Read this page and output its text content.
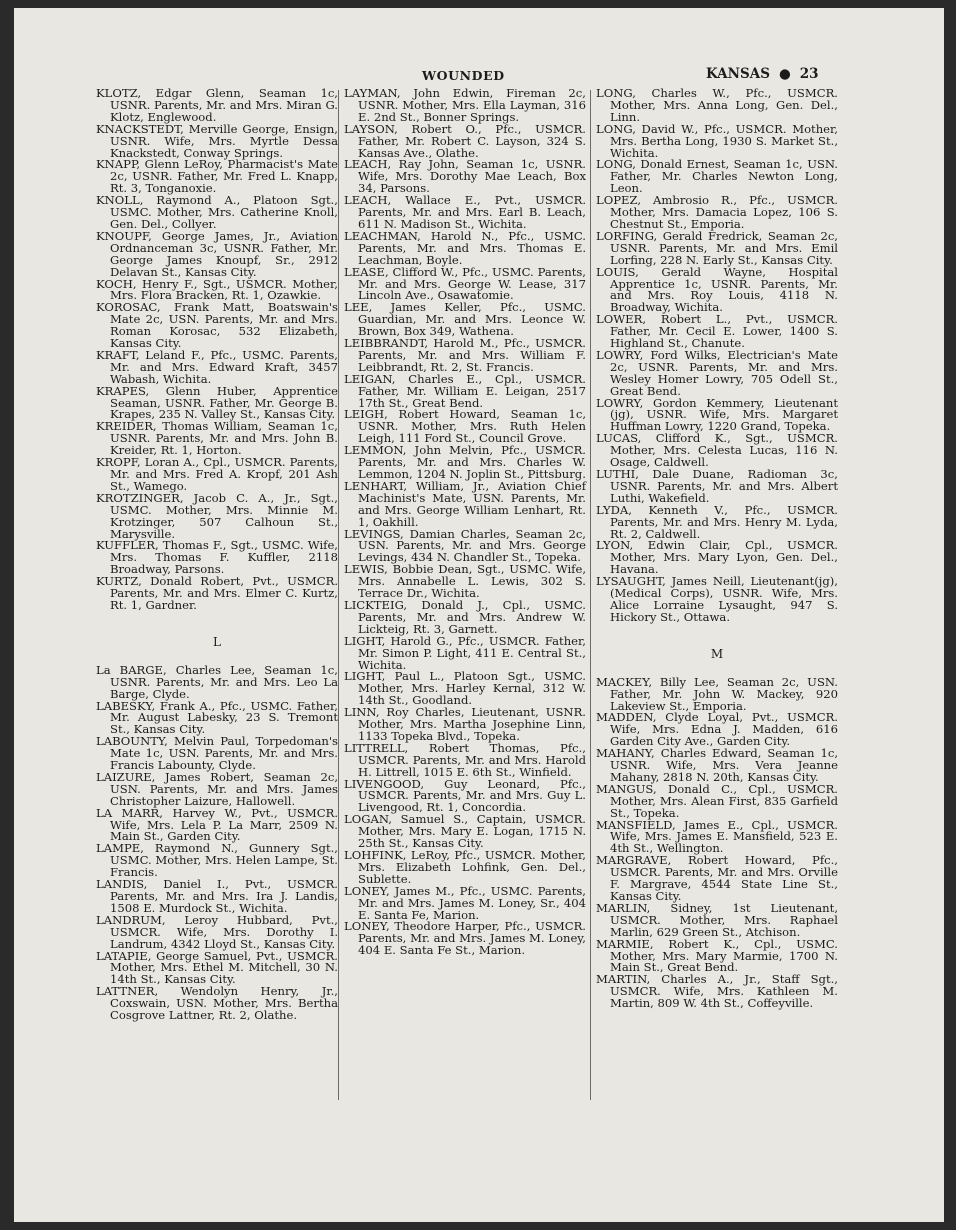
WOUNDED	KANSAS ● 23

KLOTZ, Edgar Glenn, Seaman 1c, USNR. Parents, Mr. and Mrs. Miran G. Klotz, Englewood.

KNACKSTEDT, Merville George, Ensign, USNR. Wife, Mrs. Myrtle Dessa Knackstedt, Conway Springs.

KNAPP, Glenn LeRoy, Pharmacist's Mate 2c, USNR. Father, Mr. Fred L. Knapp, Rt. 3, Tonganoxie.

KNOLL, Raymond A., Platoon Sgt., USMC. Mother, Mrs. Catherine Knoll, Gen. Del., Collyer.

KNOUPF, George James, Jr., Aviation Ordnanceman 3c, USNR. Father, Mr. George James Knoupf, Sr., 2912 Delavan St., Kansas City.

KOCH, Henry F., Sgt., USMCR. Mother, Mrs. Flora Bracken, Rt. 1, Ozawkie.

KOROSAC, Frank Matt, Boatswain's Mate 2c, USN. Parents, Mr. and Mrs. Roman Korosac, 532 Elizabeth, Kansas City.

KRAFT, Leland F., Pfc., USMC. Parents, Mr. and Mrs. Edward Kraft, 3457 Wabash, Wichita.

KRAPES, Glenn Huber, Apprentice Seaman, USNR. Father, Mr. George B. Krapes, 235 N. Valley St., Kansas City.

KREIDER, Thomas William, Seaman 1c, USNR. Parents, Mr. and Mrs. John B. Kreider, Rt. 1, Horton.

KROPF, Loran A., Cpl., USMCR. Parents, Mr. and Mrs. Fred A. Kropf, 201 Ash St., Wamego.

KROTZINGER, Jacob C. A., Jr., Sgt., USMC. Mother, Mrs. Minnie M. Krotzinger, 507 Calhoun St., Marysville.

KUFFLER, Thomas F., Sgt., USMC. Wife, Mrs. Thomas F. Kuffler, 2118 Broadway, Parsons.

KURTZ, Donald Robert, Pvt., USMCR. Parents, Mr. and Mrs. Elmer C. Kurtz, Rt. 1, Gardner.

L

La BARGE, Charles Lee, Seaman 1c, USNR. Parents, Mr. and Mrs. Leo La Barge, Clyde.

LABESKY, Frank A., Pfc., USMC. Father, Mr. August Labesky, 23 S. Tremont St., Kansas City.

LABOUNTY, Melvin Paul, Torpedoman's Mate 1c, USN. Parents, Mr. and Mrs. Francis Labounty, Clyde.

LAIZURE, James Robert, Seaman 2c, USN. Parents, Mr. and Mrs. James Christopher Laizure, Hallowell.

LA MARR, Harvey W., Pvt., USMCR. Wife, Mrs. Lela P. La Marr, 2509 N. Main St., Garden City.

LAMPE, Raymond N., Gunnery Sgt., USMC. Mother, Mrs. Helen Lampe, St. Francis.

LANDIS, Daniel I., Pvt., USMCR. Parents, Mr. and Mrs. Ira J. Landis, 1508 E. Murdock St., Wichita.

LANDRUM, Leroy Hubbard, Pvt., USMCR. Wife, Mrs. Dorothy I. Landrum, 4342 Lloyd St., Kansas City.

LATAPIE, George Samuel, Pvt., USMCR. Mother, Mrs. Ethel M. Mitchell, 30 N. 14th St., Kansas City.

LATTNER, Wendolyn Henry, Jr., Coxswain, USN. Mother, Mrs. Bertha Cosgrove Lattner, Rt. 2, Olathe.

LAYMAN, John Edwin, Fireman 2c, USNR. Mother, Mrs. Ella Layman, 316 E. 2nd St., Bonner Springs.

LAYSON, Robert O., Pfc., USMCR. Father, Mr. Robert C. Layson, 324 S. Kansas Ave., Olathe.

LEACH, Ray John, Seaman 1c, USNR. Wife, Mrs. Dorothy Mae Leach, Box 34, Parsons.

LEACH, Wallace E., Pvt., USMCR. Parents, Mr. and Mrs. Earl B. Leach, 611 N. Madison St., Wichita.

LEACHMAN, Harold N., Pfc., USMC. Parents, Mr. and Mrs. Thomas E. Leachman, Boyle.

LEASE, Clifford W., Pfc., USMC. Parents, Mr. and Mrs. George W. Lease, 317 Lincoln Ave., Osawatomie.

LEE, James Keller, Pfc., USMC. Guardian, Mr. and Mrs. Leonce W. Brown, Box 349, Wathena.

LEIBBRANDT, Harold M., Pfc., USMCR. Parents, Mr. and Mrs. William F. Leibbrandt, Rt. 2, St. Francis.

LEIGAN, Charles E., Cpl., USMCR. Father, Mr. William E. Leigan, 2517 17th St., Great Bend.

LEIGH, Robert Howard, Seaman 1c, USNR. Mother, Mrs. Ruth Helen Leigh, 111 Ford St., Council Grove.

LEMMON, John Melvin, Pfc., USMCR. Parents, Mr. and Mrs. Charles W. Lemmon, 1204 N. Joplin St., Pittsburg.

LENHART, William, Jr., Aviation Chief Machinist's Mate, USN. Parents, Mr. and Mrs. George William Lenhart, Rt. 1, Oakhill.

LEVINGS, Damian Charles, Seaman 2c, USN. Parents, Mr. and Mrs. George Levings, 434 N. Chandler St., Topeka.

LEWIS, Bobbie Dean, Sgt., USMC. Wife, Mrs. Annabelle L. Lewis, 302 S. Terrace Dr., Wichita.

LICKTEIG, Donald J., Cpl., USMC. Parents, Mr. and Mrs. Andrew W. Lickteig, Rt. 3, Garnett.

LIGHT, Harold G., Pfc., USMCR. Father, Mr. Simon P. Light, 411 E. Central St., Wichita.

LIGHT, Paul L., Platoon Sgt., USMC. Mother, Mrs. Harley Kernal, 312 W. 14th St., Goodland.

LINN, Roy Charles, Lieutenant, USNR. Mother, Mrs. Martha Josephine Linn, 1133 Topeka Blvd., Topeka.

LITTRELL, Robert Thomas, Pfc., USMCR. Parents, Mr. and Mrs. Harold H. Littrell, 1015 E. 6th St., Winfield.

LIVENGOOD, Guy Leonard, Pfc., USMCR. Parents, Mr. and Mrs. Guy L. Livengood, Rt. 1, Concordia.

LOGAN, Samuel S., Captain, USMCR. Mother, Mrs. Mary E. Logan, 1715 N. 25th St., Kansas City.

LOHFINK, LeRoy, Pfc., USMCR. Mother, Mrs. Elizabeth Lohfink, Gen. Del., Sublette.

LONEY, James M., Pfc., USMC. Parents, Mr. and Mrs. James M. Loney, Sr., 404 E. Santa Fe, Marion.

LONEY, Theodore Harper, Pfc., USMCR. Parents, Mr. and Mrs. James M. Loney, 404 E. Santa Fe St., Marion.

LONG, Charles W., Pfc., USMCR. Mother, Mrs. Anna Long, Gen. Del., Linn.

LONG, David W., Pfc., USMCR. Mother, Mrs. Bertha Long, 1930 S. Market St., Wichita.

LONG, Donald Ernest, Seaman 1c, USN. Father, Mr. Charles Newton Long, Leon.

LOPEZ, Ambrosio R., Pfc., USMCR. Mother, Mrs. Damacia Lopez, 106 S. Chestnut St., Emporia.

LORFING, Gerald Fredrick, Seaman 2c, USNR. Parents, Mr. and Mrs. Emil Lorfing, 228 N. Early St., Kansas City.

LOUIS, Gerald Wayne, Hospital Apprentice 1c, USNR. Parents, Mr. and Mrs. Roy Louis, 4118 N. Broadway, Wichita.

LOWER, Robert L., Pvt., USMCR. Father, Mr. Cecil E. Lower, 1400 S. Highland St., Chanute.

LOWRY, Ford Wilks, Electrician's Mate 2c, USNR. Parents, Mr. and Mrs. Wesley Homer Lowry, 705 Odell St., Great Bend.

LOWRY, Gordon Kemmery, Lieutenant (jg), USNR. Wife, Mrs. Margaret Huffman Lowry, 1220 Grand, Topeka.

LUCAS, Clifford K., Sgt., USMCR. Mother, Mrs. Celesta Lucas, 116 N. Osage, Caldwell.

LUTHI, Dale Duane, Radioman 3c, USNR. Parents, Mr. and Mrs. Albert Luthi, Wakefield.

LYDA, Kenneth V., Pfc., USMCR. Parents, Mr. and Mrs. Henry M. Lyda, Rt. 2, Caldwell.

LYON, Edwin Clair, Cpl., USMCR. Mother, Mrs. Mary Lyon, Gen. Del., Havana.

LYSAUGHT, James Neill, Lieutenant(jg), (Medical Corps), USNR. Wife, Mrs. Alice Lorraine Lysaught, 947 S. Hickory St., Ottawa.

M

MACKEY, Billy Lee, Seaman 2c, USN. Father, Mr. John W. Mackey, 920 Lakeview St., Emporia.

MADDEN, Clyde Loyal, Pvt., USMCR. Wife, Mrs. Edna J. Madden, 616 Garden City Ave., Garden City.

MAHANY, Charles Edward, Seaman 1c, USNR. Wife, Mrs. Vera Jeanne Mahany, 2818 N. 20th, Kansas City.

MANGUS, Donald C., Cpl., USMCR. Mother, Mrs. Alean First, 835 Garfield St., Topeka.

MANSFIELD, James E., Cpl., USMCR. Wife, Mrs. James E. Mansfield, 523 E. 4th St., Wellington.

MARGRAVE, Robert Howard, Pfc., USMCR. Parents, Mr. and Mrs. Orville F. Margrave, 4544 State Line St., Kansas City.

MARLIN, Sidney, 1st Lieutenant, USMCR. Mother, Mrs. Raphael Marlin, 629 Green St., Atchison.

MARMIE, Robert K., Cpl., USMC. Mother, Mrs. Mary Marmie, 1700 N. Main St., Great Bend.

MARTIN, Charles A., Jr., Staff Sgt., USMCR. Wife, Mrs. Kathleen M. Martin, 809 W. 4th St., Coffeyville.
